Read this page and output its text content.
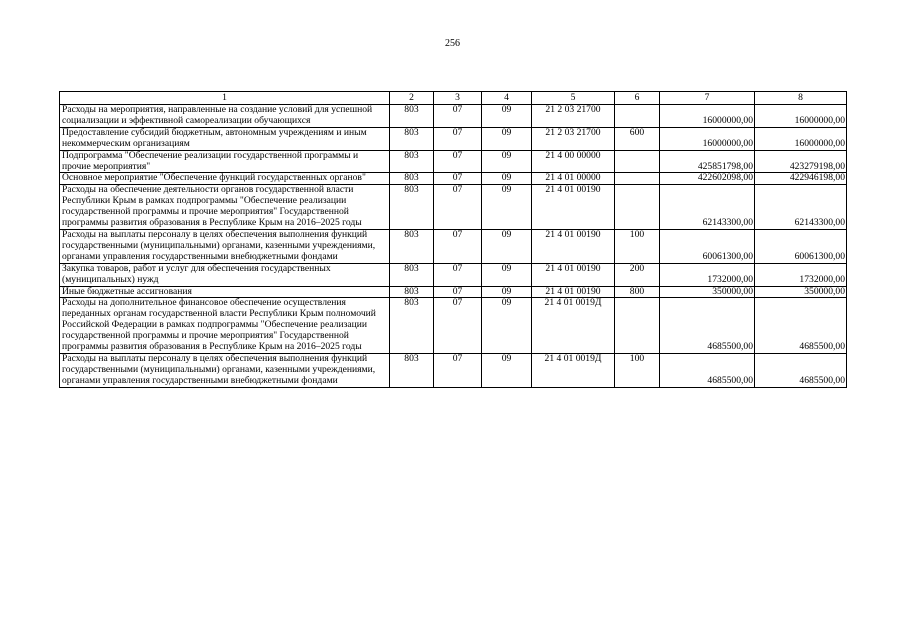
256
1	2	3	4	5	6	7	8
Расходы на мероприятия, направленные на создание условий для успешной социализации и эффективной самореализации обучающихся	803	07	09	21 2 03 21700		16000000,00	16000000,00
Предоставление субсидий бюджетным, автономным учреждениям и иным некоммерческим организациям	803	07	09	21 2 03 21700	600	16000000,00	16000000,00
Подпрограмма "Обеспечение реализации государственной программы и прочие мероприятия"	803	07	09	21 4 00 00000		425851798,00	423279198,00
Основное мероприятие "Обеспечение функций государственных органов"	803	07	09	21 4 01 00000		422602098,00	422946198,00
Расходы на обеспечение деятельности органов государственной власти Республики Крым в рамках подпрограммы "Обеспечение реализации государственной программы и прочие мероприятия" Государственной программы развития образования в Республике Крым на 2016–2025 годы	803	07	09	21 4 01 00190		62143300,00	62143300,00
Расходы на выплаты персоналу в целях обеспечения выполнения функций государственными (муниципальными) органами, казенными учреждениями, органами управления государственными внебюджетными фондами	803	07	09	21 4 01 00190	100	60061300,00	60061300,00
Закупка товаров, работ и услуг для обеспечения государственных (муниципальных) нужд	803	07	09	21 4 01 00190	200	1732000,00	1732000,00
Иные бюджетные ассигнования	803	07	09	21 4 01 00190	800	350000,00	350000,00
Расходы на дополнительное финансовое обеспечение осуществления переданных органам государственной власти Республики Крым полномочий Российской Федерации в рамках подпрограммы "Обеспечение реализации государственной программы и прочие мероприятия" Государственной программы развития образования в Республике Крым на 2016–2025 годы	803	07	09	21 4 01 0019Д		4685500,00	4685500,00
Расходы на выплаты персоналу в целях обеспечения выполнения функций государственными (муниципальными) органами, казенными учреждениями, органами управления государственными внебюджетными фондами	803	07	09	21 4 01 0019Д	100	4685500,00	4685500,00
